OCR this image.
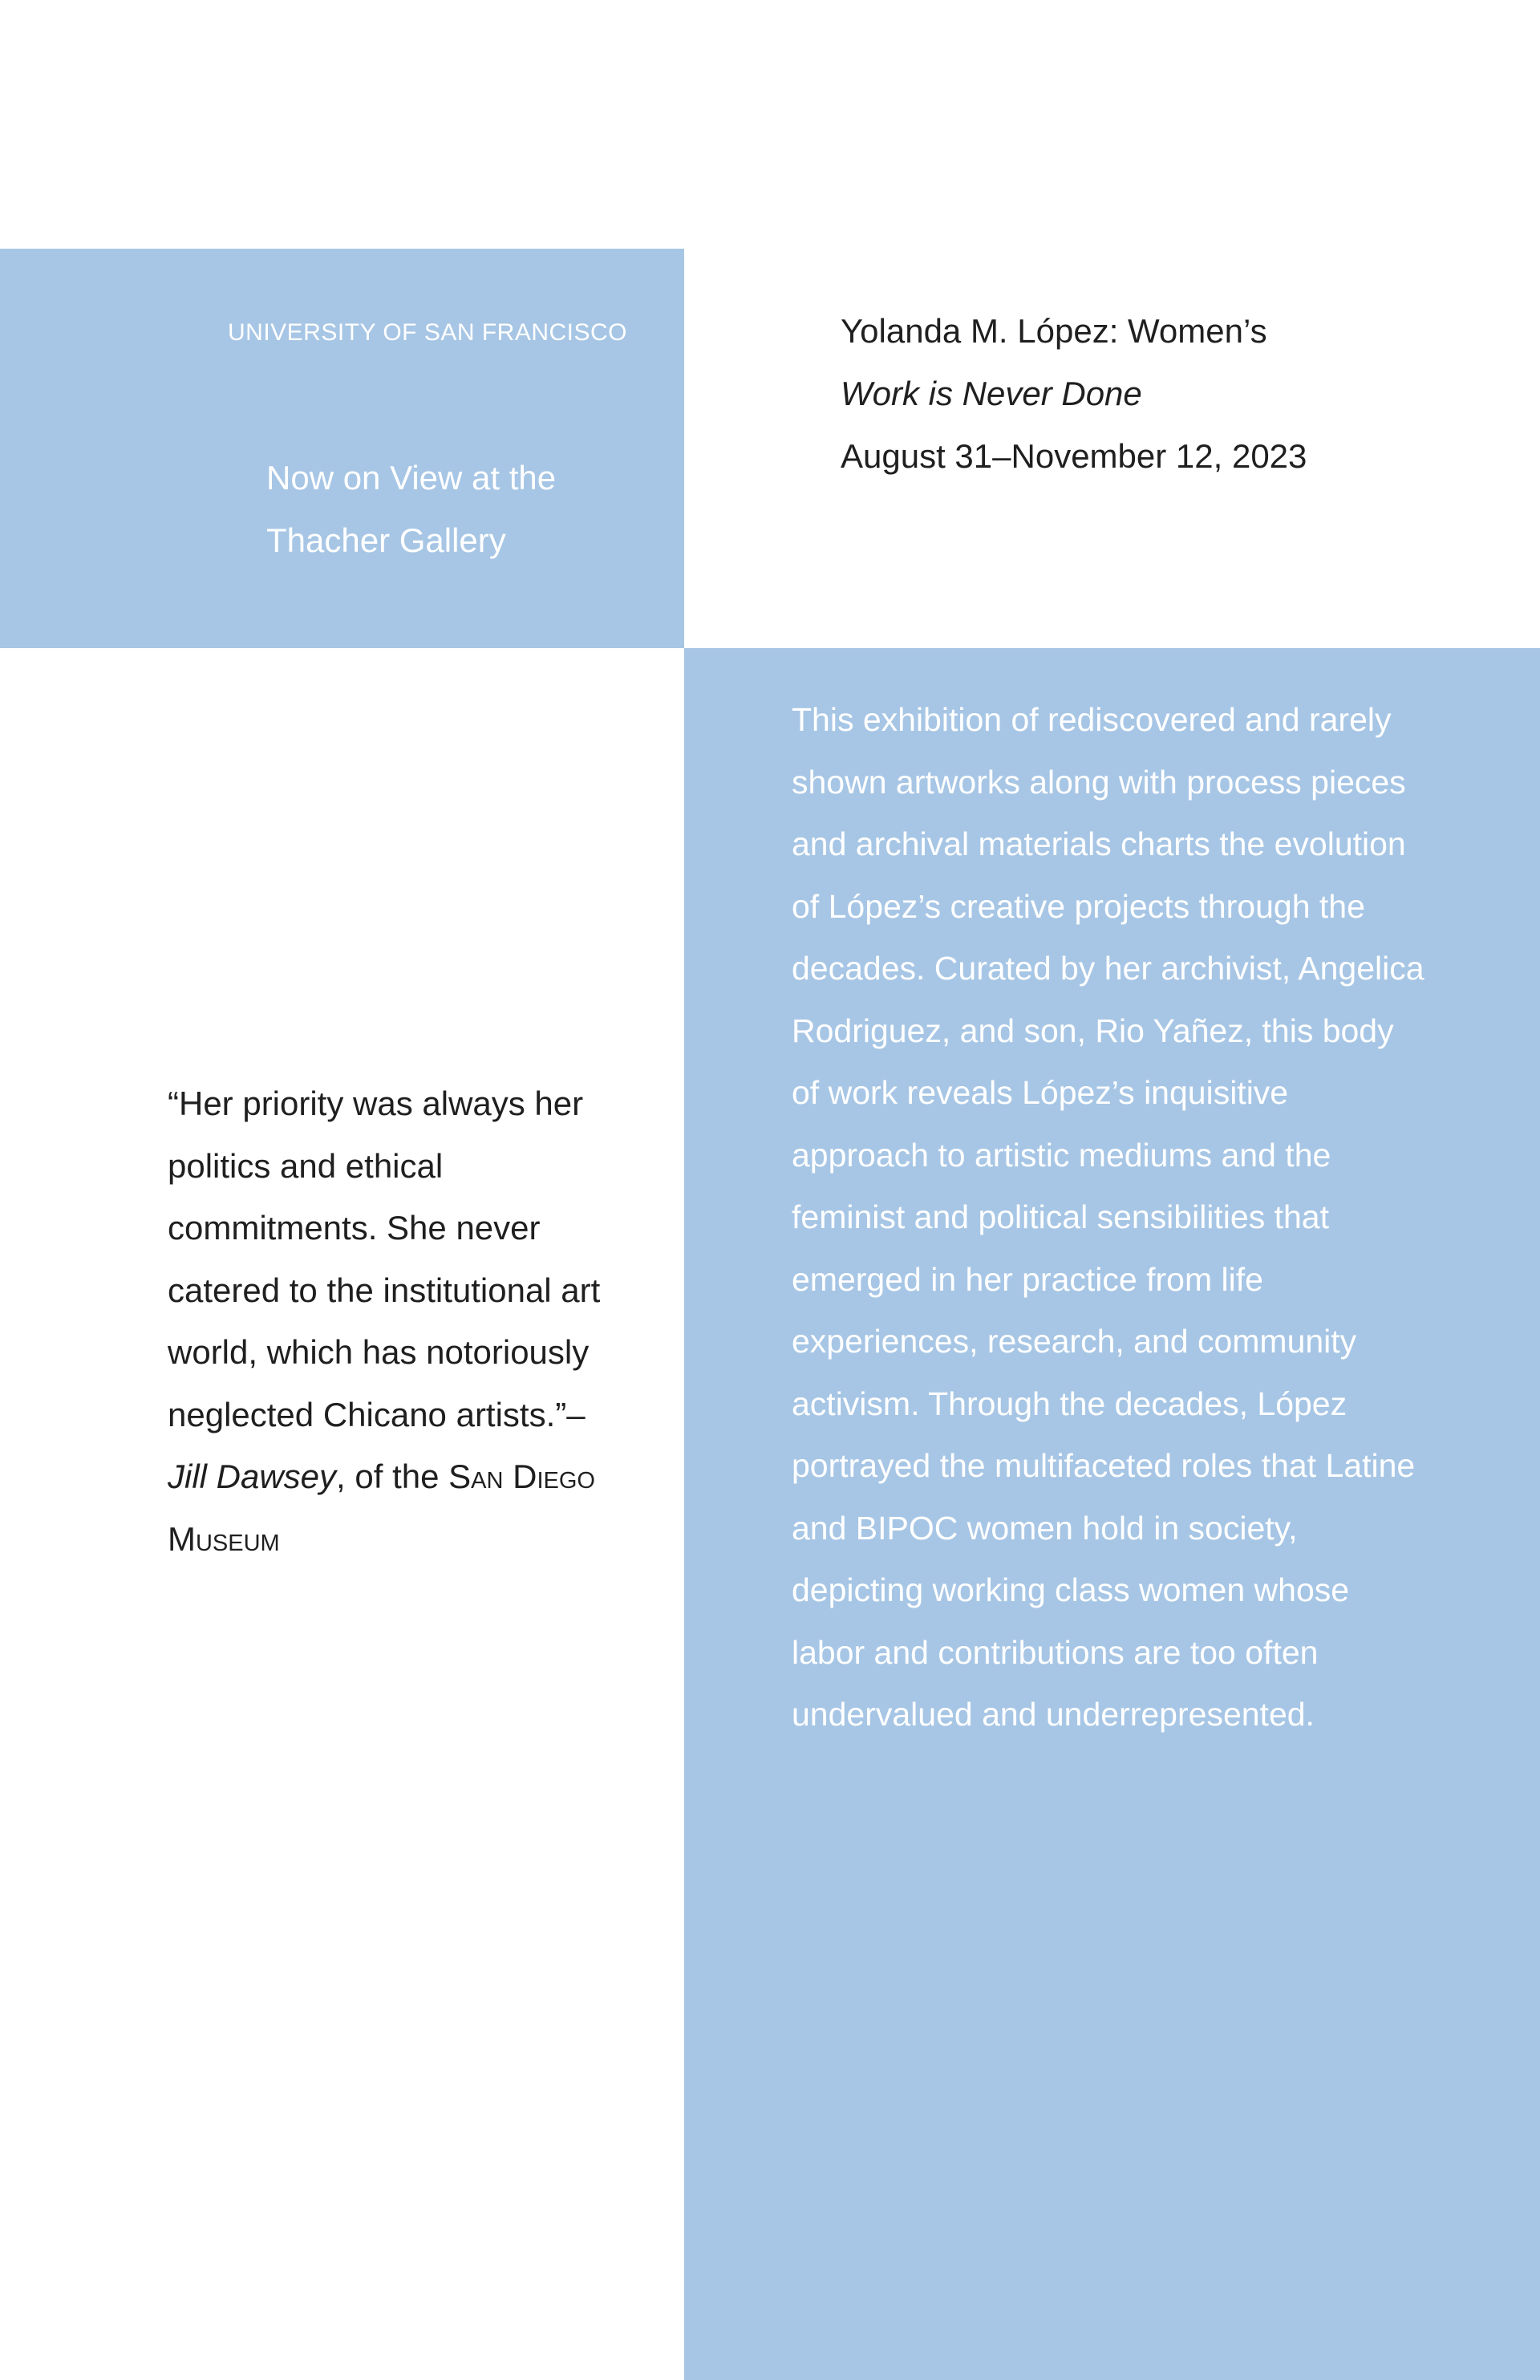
UNIVERSITY OF SAN FRANCISCO

Now on View at the Thacher Gallery

Yolanda M. López: Women’s
Work is Never Done
August 31–November 12, 2023

This exhibition of rediscovered and rarely shown artworks along with process pieces and archival materials charts the evolution of López’s creative projects through the decades. Curated by her archivist, Angelica Rodriguez, and son, Rio Yañez, this body of work reveals López’s inquisitive approach to artistic mediums and the feminist and political sensibilities that emerged in her practice from life experiences, research, and community activism. Through the decades, López portrayed the multifaceted roles that Latine and BIPOC women hold in society, depicting working class women whose labor and contributions are too often undervalued and underrepresented.

“Her priority was always her politics and ethical commitments. She never catered to the institutional art world, which has notoriously neglected Chicano artists.”– Jill Dawsey, of the San Diego Museum
